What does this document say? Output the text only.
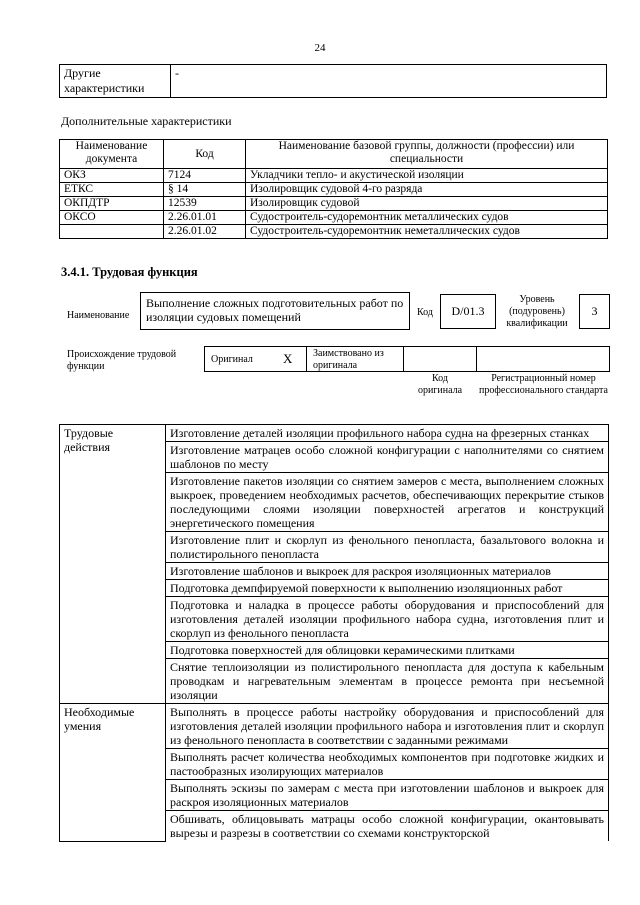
24
Другие характеристики	-
Дополнительные характеристики
Наименование документа	Код	Наименование базовой группы, должности (профессии) или специальности
ОКЗ	7124	Укладчики тепло- и акустической изоляции
ЕТКС	§ 14	Изолировщик судовой 4-го разряда
ОКПДТР	12539	Изолировщик судовой
ОКСО	2.26.01.01	Судостроитель-судоремонтник металлических судов
	2.26.01.02	Судостроитель-судоремонтник неметаллических судов
3.4.1. Трудовая функция
Наименование
Выполнение сложных подготовительных работ по изоляции судовых помещений	Код	D/01.3
Уровень (подуровень) квалификации
3
Происхождение трудовой функции
Оригинал X Заимствовано из оригинала
Код оригинала
Регистрационный номер профессионального стандарта
Трудовые действия	Изготовление деталей изоляции профильного набора судна на фрезерных станках
	Изготовление матрацев особо сложной конфигурации с наполнителями со снятием шаблонов по месту
	Изготовление пакетов изоляции со снятием замеров с места, выполнением сложных выкроек, проведением необходимых расчетов, обеспечивающих перекрытие стыков последующими слоями изоляции поверхностей агрегатов и конструкций энергетического помещения
	Изготовление плит и скорлуп из фенольного пенопласта, базальтового волокна и полистирольного пенопласта
	Изготовление шаблонов и выкроек для раскроя изоляционных материалов
	Подготовка демпфируемой поверхности к выполнению изоляционных работ
	Подготовка и наладка в процессе работы оборудования и приспособлений для изготовления деталей изоляции профильного набора судна, изготовления плит и скорлуп из фенольного пенопласта
	Подготовка поверхностей для облицовки керамическими плитками
	Снятие теплоизоляции из полистирольного пенопласта для доступа к кабельным проводкам и нагревательным элементам в процессе ремонта при несъемной изоляции
Необходимые умения	Выполнять в процессе работы настройку оборудования и приспособлений для изготовления деталей изоляции профильного набора и изготовления плит и скорлуп из фенольного пенопласта в соответствии с заданными режимами
	Выполнять расчет количества необходимых компонентов при подготовке жидких и пастообразных изолирующих материалов
	Выполнять эскизы по замерам с места при изготовлении шаблонов и выкроек для раскроя изоляционных материалов
	Обшивать, облицовывать матрацы особо сложной конфигурации, окантовывать вырезы и разрезы в соответствии со схемами конструкторской
